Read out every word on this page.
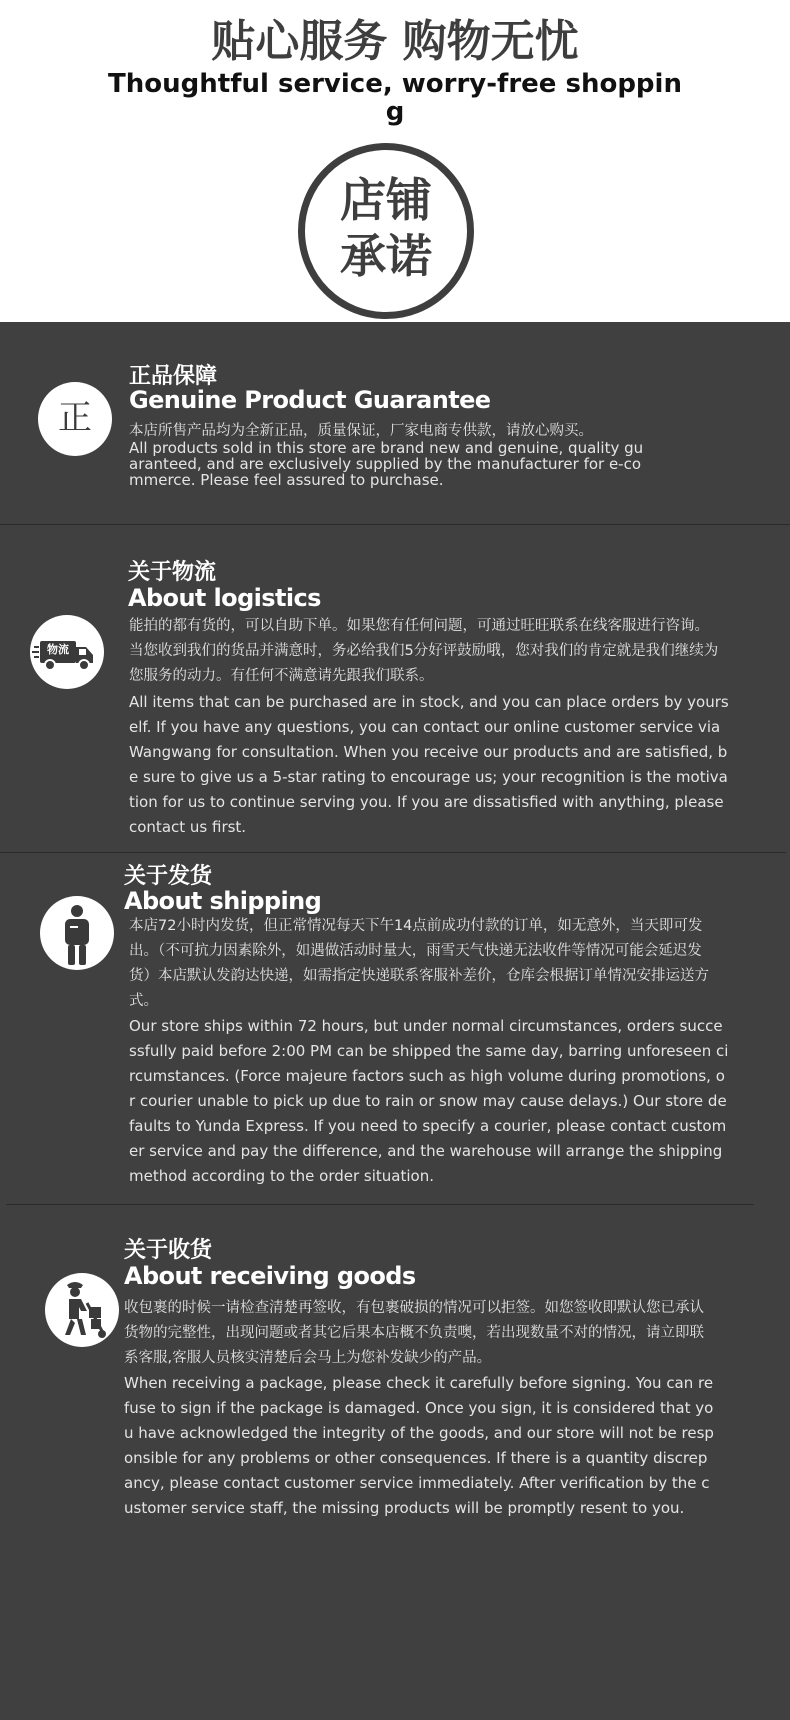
贴心服务 购物无忧
Thoughtful service, worry-free shopping
店铺
承诺
正
正品保障
Genuine Product Guarantee
本店所售产品均为全新正品，质量保证，厂家电商专供款，请放心购买。
All products sold in this store are brand new and genuine, quality guaranteed, and are exclusively supplied by the manufacturer for e-commerce. Please feel assured to purchase.
物流
关于物流
About logistics
能拍的都有货的，可以自助下单。如果您有任何问题，可通过旺旺联系在线客服进行咨询。当您收到我们的货品并满意时，务必给我们5分好评鼓励哦，您对我们的肯定就是我们继续为您服务的动力。有任何不满意请先跟我们联系。
All items that can be purchased are in stock, and you can place orders by yourself. If you have any questions, you can contact our online customer service via Wangwang for consultation. When you receive our products and are satisfied, be sure to give us a 5-star rating to encourage us; your recognition is the motivation for us to continue serving you. If you are dissatisfied with anything, please contact us first.
关于发货
About shipping
本店72小时内发货，但正常情况每天下午14点前成功付款的订单，如无意外，当天即可发出。（不可抗力因素除外，如遇做活动时量大，雨雪天气快递无法收件等情况可能会延迟发货）本店默认发韵达快递，如需指定快递联系客服补差价，仓库会根据订单情况安排运送方式。
Our store ships within 72 hours, but under normal circumstances, orders successfully paid before 2:00 PM can be shipped the same day, barring unforeseen circumstances. (Force majeure factors such as high volume during promotions, or courier unable to pick up due to rain or snow may cause delays.) Our store defaults to Yunda Express. If you need to specify a courier, please contact customer service and pay the difference, and the warehouse will arrange the shipping method according to the order situation.
关于收货
About receiving goods
收包裹的时候一请检查清楚再签收，有包裹破损的情况可以拒签。如您签收即默认您已承认货物的完整性，出现问题或者其它后果本店概不负责噢，若出现数量不对的情况，请立即联系客服,客服人员核实清楚后会马上为您补发缺少的产品。
When receiving a package, please check it carefully before signing. You can refuse to sign if the package is damaged. Once you sign, it is considered that you have acknowledged the integrity of the goods, and our store will not be responsible for any problems or other consequences. If there is a quantity discrepancy, please contact customer service immediately. After verification by the customer service staff, the missing products will be promptly resent to you.
